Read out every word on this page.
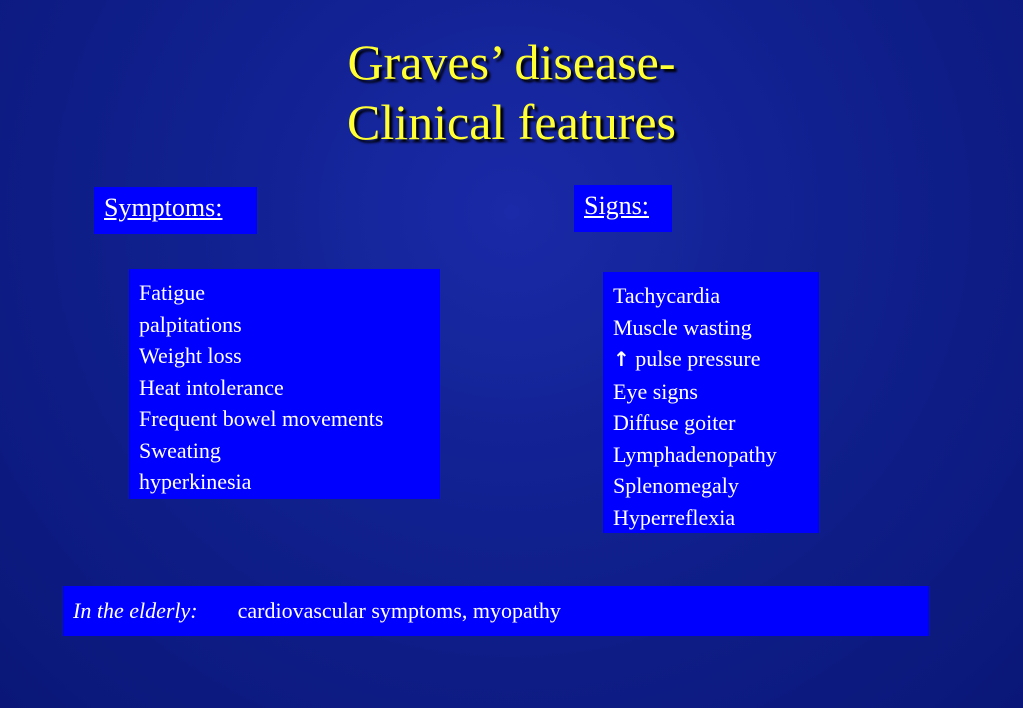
Graves’ disease-
Clinical features
Symptoms:	Signs:
Fatigue
palpitations
Weight loss
Heat intolerance
Frequent bowel movements
Sweating
hyperkinesia
Tachycardia
Muscle wasting
↑ pulse pressure
Eye signs
Diffuse goiter
Lymphadenopathy
Splenomegaly
Hyperreflexia
In the elderly: cardiovascular symptoms, myopathy
